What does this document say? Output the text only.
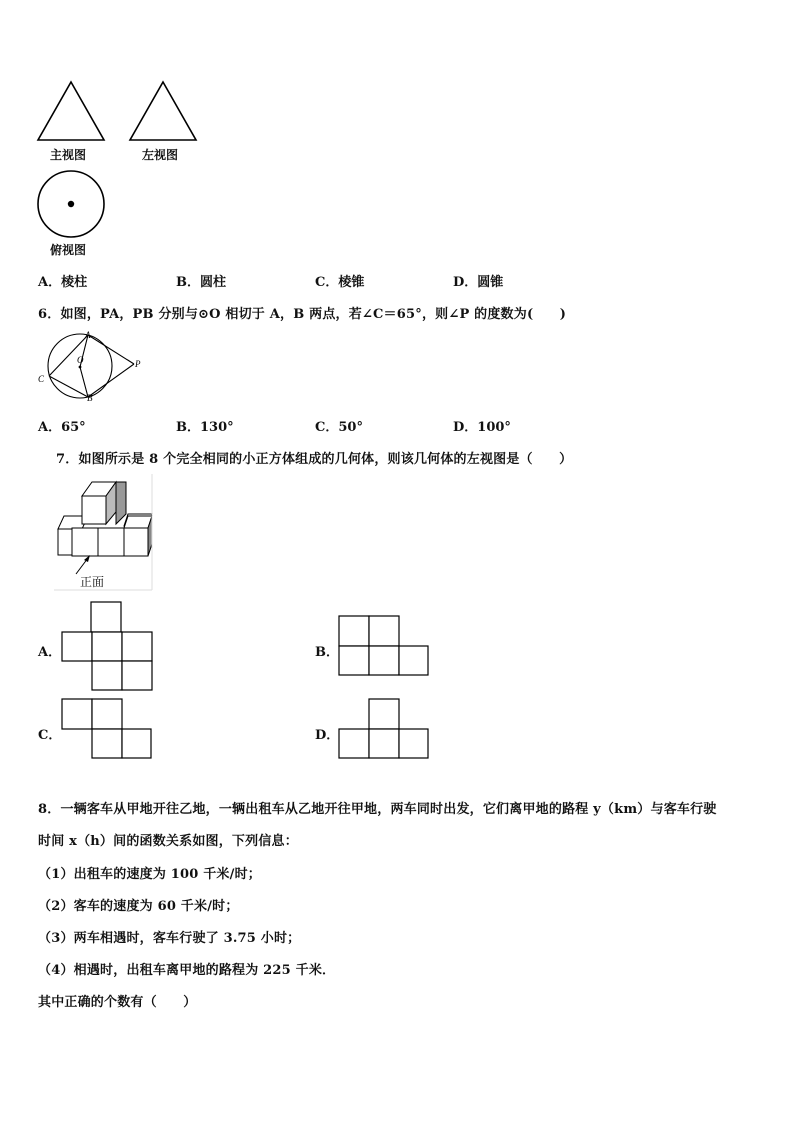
主视图	左视图
俯视图
A．棱柱	B．圆柱	C．棱锥	D．圆锥
6．如图，PA，PB 分别与⊙O 相切于 A，B 两点，若∠C＝65°，则∠P 的度数为(　　)
A
B
C
O	P
A．65°	B．130°	C．50°	D．100°
7．如图所示是 8 个完全相同的小正方体组成的几何体，则该几何体的左视图是（　　）
正面
A．	B．
C．	D．
8．一辆客车从甲地开往乙地，一辆出租车从乙地开往甲地，两车同时出发，它们离甲地的路程 y（km）与客车行驶
时间 x（h）间的函数关系如图，下列信息：
（1）出租车的速度为 100 千米/时；
（2）客车的速度为 60 千米/时；
（3）两车相遇时，客车行驶了 3.75 小时；
（4）相遇时，出租车离甲地的路程为 225 千米．
其中正确的个数有（　　）
